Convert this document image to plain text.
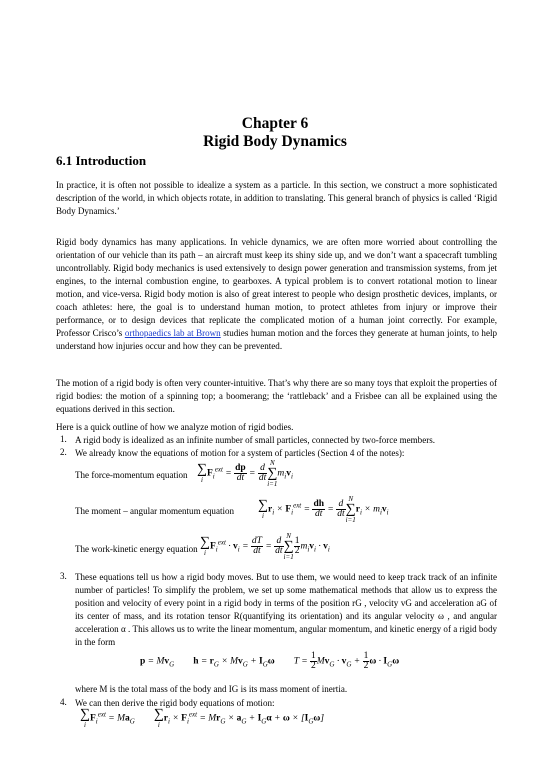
Chapter 6
Rigid Body Dynamics
6.1 Introduction
In practice, it is often not possible to idealize a system as a particle. In this section, we construct a more sophisticated description of the world, in which objects rotate, in addition to translating. This general branch of physics is called ‘Rigid Body Dynamics.’
Rigid body dynamics has many applications. In vehicle dynamics, we are often more worried about controlling the orientation of our vehicle than its path – an aircraft must keep its shiny side up, and we don’t want a spacecraft tumbling uncontrollably. Rigid body mechanics is used extensively to design power generation and transmission systems, from jet engines, to the internal combustion engine, to gearboxes. A typical problem is to convert rotational motion to linear motion, and vice-versa. Rigid body motion is also of great interest to people who design prosthetic devices, implants, or coach athletes: here, the goal is to understand human motion, to protect athletes from injury or improve their performance, or to design devices that replicate the complicated motion of a human joint correctly. For example, Professor Crisco’s orthopaedics lab at Brown studies human motion and the forces they generate at human joints, to help understand how injuries occur and how they can be prevented.
The motion of a rigid body is often very counter-intuitive. That’s why there are so many toys that exploit the properties of rigid bodies: the motion of a spinning top; a boomerang; the ‘rattleback’ and a Frisbee can all be explained using the equations derived in this section.
Here is a quick outline of how we analyze motion of rigid bodies.
1. A rigid body is idealized as an infinite number of small particles, connected by two-force members.
2. We already know the equations of motion for a system of particles (Section 4 of the notes):
The force-momentum equation ∑
i
$F_i^{ext} = \frac{dp}{dt} = \frac{d}{dt}$
N
∑
i=1
$m_iv_i$
The moment – angular momentum equation ∑
i
$r_i \times F_i^{ext} = \frac{dh}{dt} = \frac{d}{dt}$
N
∑
i=1
$r_i \times m_iv_i$
The work-kinetic energy equation ∑
i
$F_i^{ext} \cdot v_i = \frac{dT}{dt} = \frac{d}{dt}$
N
∑
i=1
$\frac{1}{2} m_iv_i \cdot v_i$
3. These equations tell us how a rigid body moves. But to use them, we would need to keep track track of an infinite number of particles! To simplify the problem, we set up some mathematical methods that allow us to express the position and velocity of every point in a rigid body in terms of the position rG , velocity vG and acceleration aG of its center of mass, and its rotation tensor R(quantifying its orientation) and its angular velocity ω , and angular acceleration α . This allows us to write the linear momentum, angular momentum, and kinetic energy of a rigid body in the form
$p = Mv_G$ $h = r_G \times Mv_G + I_G\omega$        $T = \frac{1}{2} Mv_G \cdot v_G + \frac{1}{2}$ $\omega \cdot I_G\omega$
where M is the total mass of the body and IG is its mass moment of inertia.
4. We can then derive the rigid body equations of motion:
∑
i
$F_i^{ext} = Ma_G$ ∑
i
$r_i \times F_i^{ext} = Mr_G \times a_G + I_G\alpha + \omega \times [I_G\omega]$
